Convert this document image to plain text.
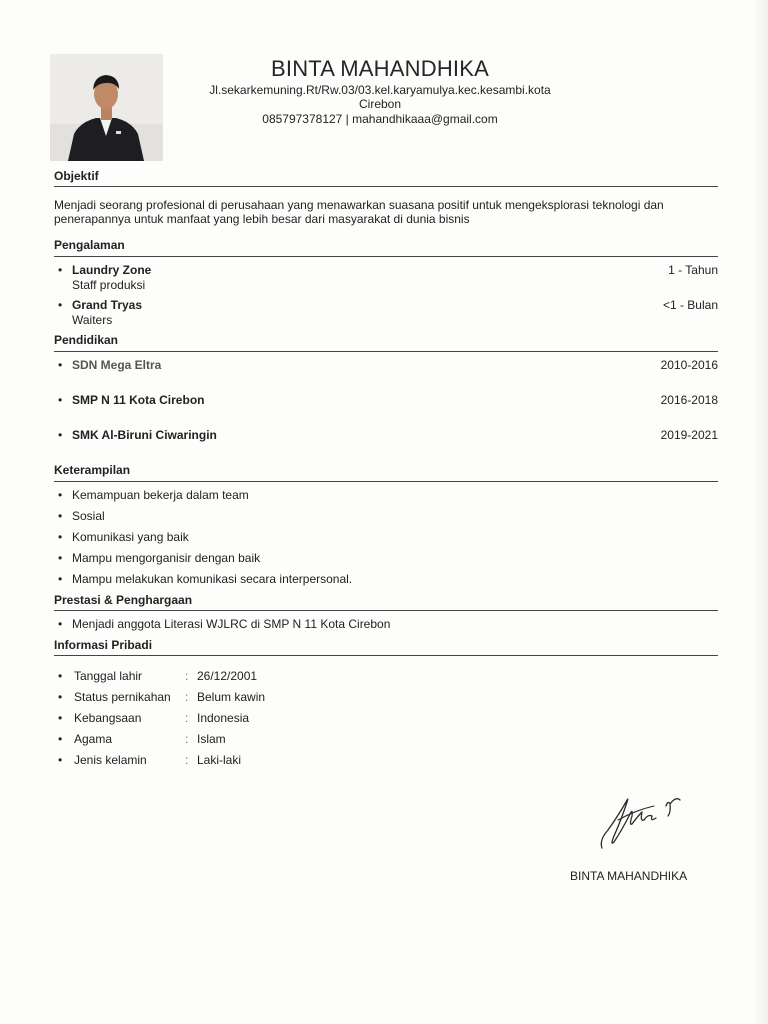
BINTA MAHANDHIKA
Jl.sekarkemuning.Rt/Rw.03/03.kel.karyamulya.kec.kesambi.kota
Cirebon
085797378127 | mahandhikaaa@gmail.com
Objektif
Menjadi seorang profesional di perusahaan yang menawarkan suasana positif untuk mengeksplorasi teknologi dan penerapannya untuk manfaat yang lebih besar dari masyarakat di dunia bisnis
Pengalaman
• Laundry Zone
Staff produksi
1 - Tahun
• Grand Tryas
Waiters
<1 - Bulan
Pendidikan
• SDN Mega Eltra	2010-2016
• SMP N 11 Kota Cirebon	2016-2018
• SMK Al-Biruni Ciwaringin	2019-2021
Keterampilan
• Kemampuan bekerja dalam team
• Sosial
• Komunikasi yang baik
• Mampu mengorganisir dengan baik
• Mampu melakukan komunikasi secara interpersonal.
Prestasi & Penghargaan
• Menjadi anggota Literasi WJLRC di SMP N 11 Kota Cirebon
Informasi Pribadi
• Tanggal lahir	: 26/12/2001
• Status pernikahan : Belum kawin
• Kebangsaan	: Indonesia
• Agama	: Islam
• Jenis kelamin	: Laki-laki
BINTA MAHANDHIKA
